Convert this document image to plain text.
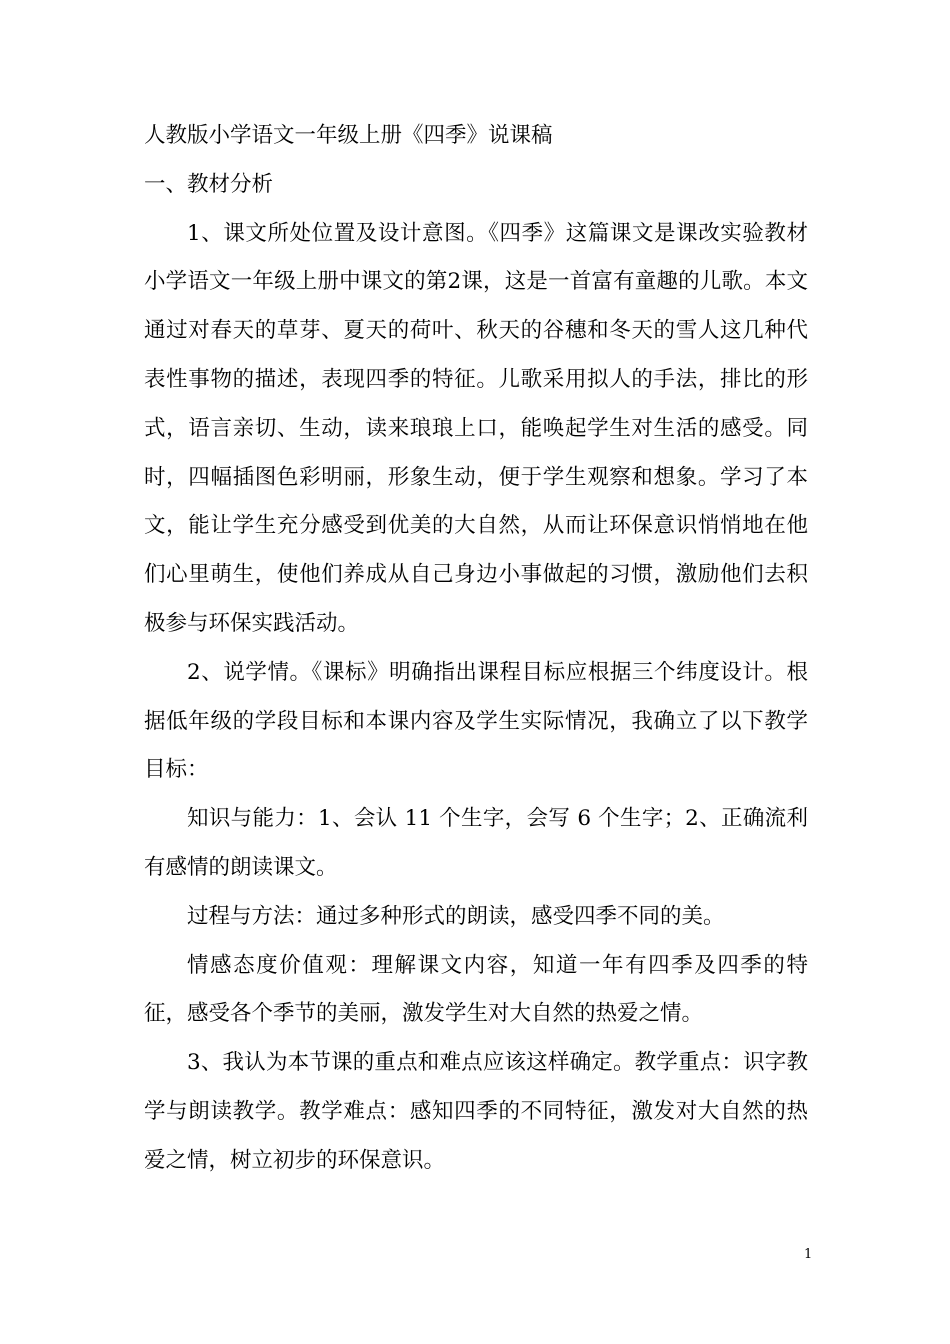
人教版小学语文一年级上册《四季》说课稿

一、教材分析

1、课文所处位置及设计意图。《四季》这篇课文是课改实验教材小学语文一年级上册中课文的第2课，这是一首富有童趣的儿歌。本文通过对春天的草芽、夏天的荷叶、秋天的谷穗和冬天的雪人这几种代表性事物的描述，表现四季的特征。儿歌采用拟人的手法，排比的形式，语言亲切、生动，读来琅琅上口，能唤起学生对生活的感受。同时，四幅插图色彩明丽，形象生动，便于学生观察和想象。学习了本文，能让学生充分感受到优美的大自然，从而让环保意识悄悄地在他们心里萌生，使他们养成从自己身边小事做起的习惯，激励他们去积极参与环保实践活动。

2、说学情。《课标》明确指出课程目标应根据三个纬度设计。根据低年级的学段目标和本课内容及学生实际情况，我确立了以下教学目标：

知识与能力：1、会认 11 个生字，会写 6 个生字；2、正确流利有感情的朗读课文。

过程与方法：通过多种形式的朗读，感受四季不同的美。

情感态度价值观：理解课文内容，知道一年有四季及四季的特征，感受各个季节的美丽，激发学生对大自然的热爱之情。

3、我认为本节课的重点和难点应该这样确定。教学重点：识字教学与朗读教学。教学难点：感知四季的不同特征，激发对大自然的热爱之情，树立初步的环保意识。

1
